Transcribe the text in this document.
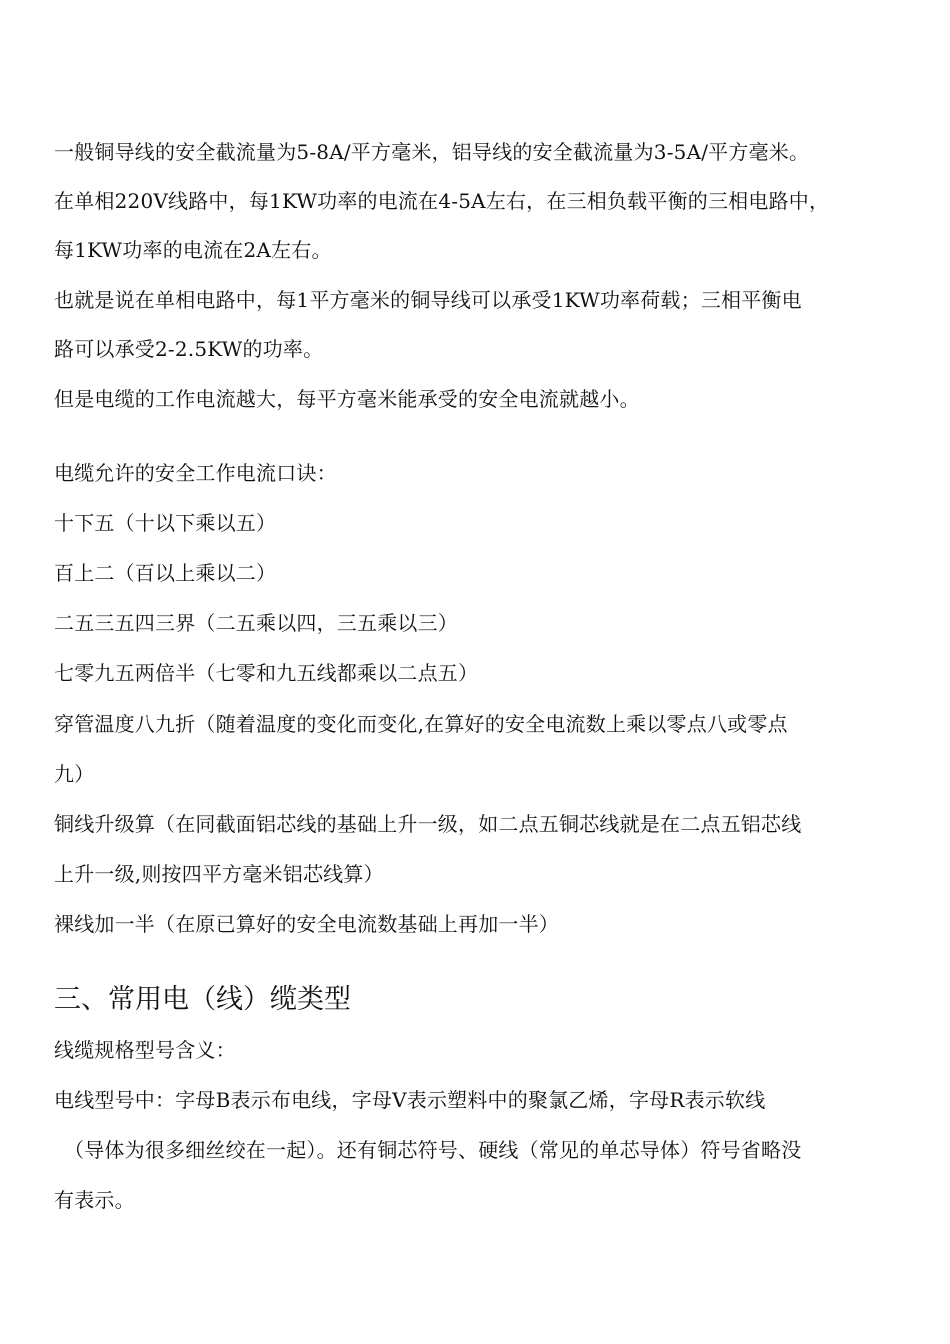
一般铜导线的安全截流量为5-8A/平方毫米，铝导线的安全截流量为3-5A/平方毫米。
在单相220V线路中，每1KW功率的电流在4-5A左右，在三相负载平衡的三相电路中，
每1KW功率的电流在2A左右。
也就是说在单相电路中，每1平方毫米的铜导线可以承受1KW功率荷载；三相平衡电
路可以承受2-2.5KW的功率。
但是电缆的工作电流越大，每平方毫米能承受的安全电流就越小。
电缆允许的安全工作电流口诀：
十下五（十以下乘以五）
百上二（百以上乘以二）
二五三五四三界（二五乘以四，三五乘以三）
七零九五两倍半（七零和九五线都乘以二点五）
穿管温度八九折（随着温度的变化而变化,在算好的安全电流数上乘以零点八或零点
九）
铜线升级算（在同截面铝芯线的基础上升一级，如二点五铜芯线就是在二点五铝芯线
上升一级,则按四平方毫米铝芯线算）
裸线加一半（在原已算好的安全电流数基础上再加一半）
三、常用电（线）缆类型
线缆规格型号含义：
电线型号中：字母B表示布电线，字母V表示塑料中的聚氯乙烯，字母R表示软线
（导体为很多细丝绞在一起）。还有铜芯符号、硬线（常见的单芯导体）符号省略没
有表示。
